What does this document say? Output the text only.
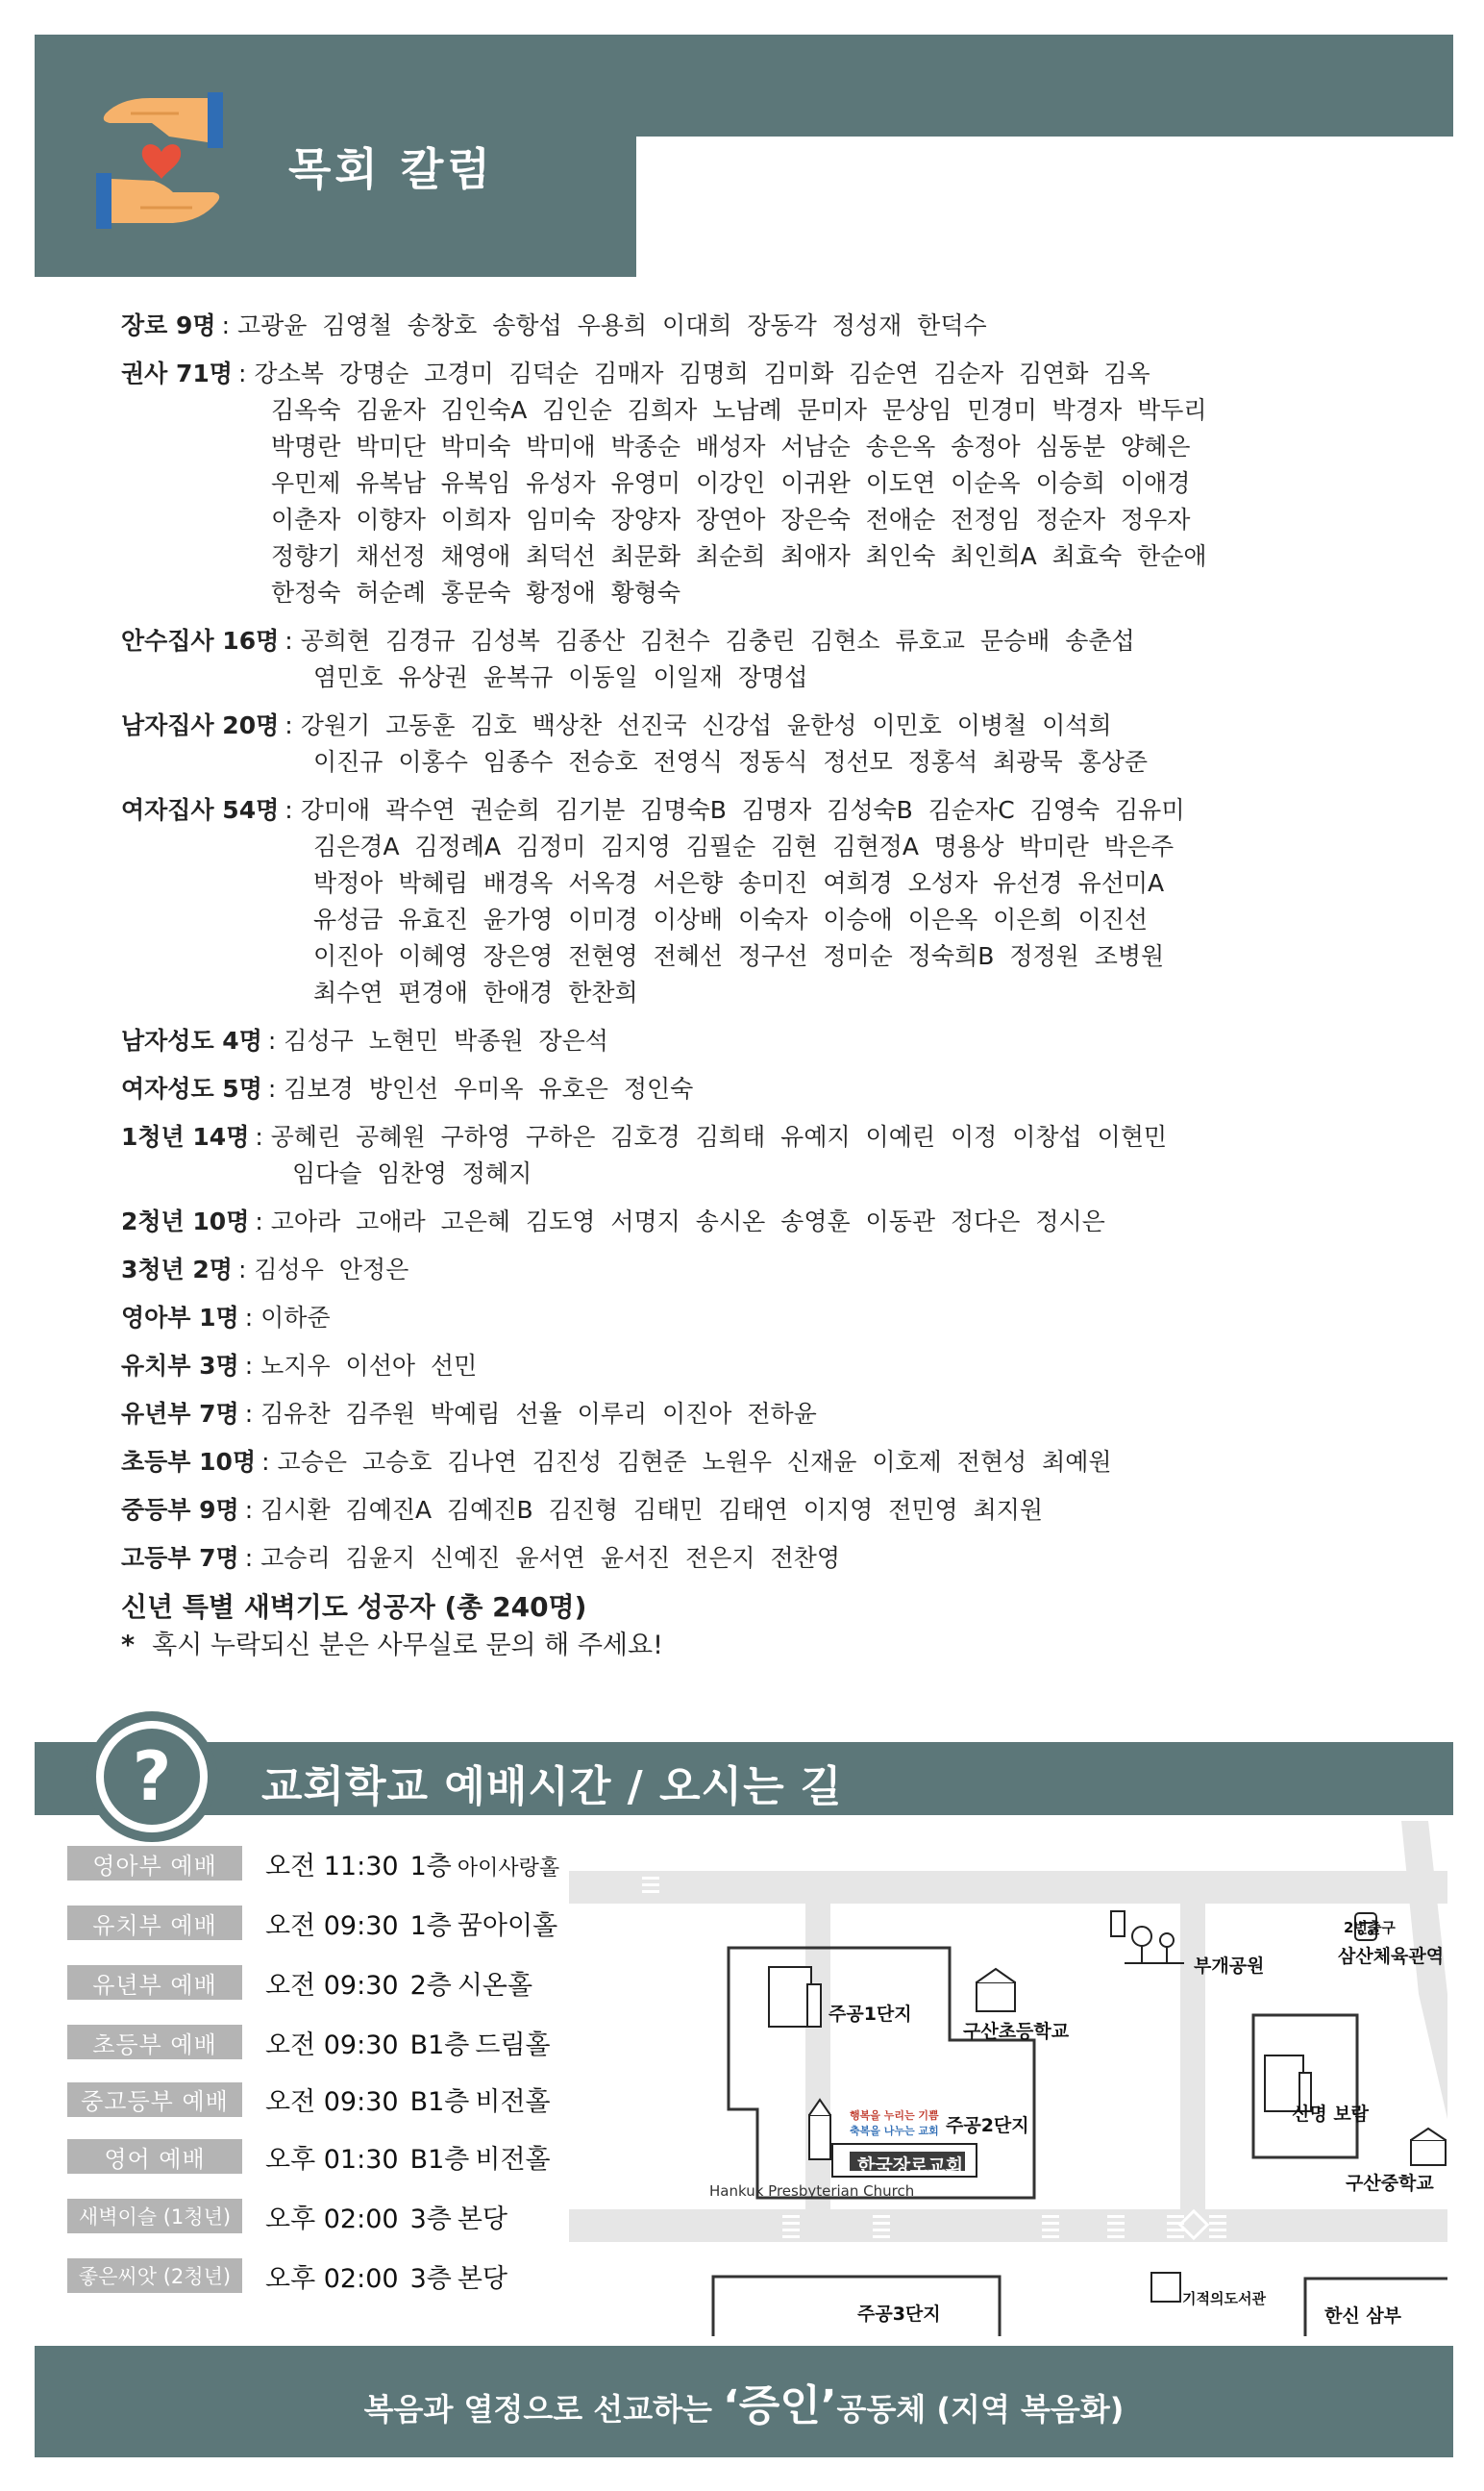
목회 칼럼
장로 9명 : 고광윤 김영철 송창호 송항섭 우용희 이대희 장동각 정성재 한덕수
권사 71명 : 강소복 강명순 고경미 김덕순 김매자 김명희 김미화 김순연 김순자 김연화 김옥
김옥숙 김윤자 김인숙A 김인순 김희자 노남례 문미자 문상임 민경미 박경자 박두리
박명란 박미단 박미숙 박미애 박종순 배성자 서남순 송은옥 송정아 심동분 양혜은
우민제 유복남 유복임 유성자 유영미 이강인 이귀완 이도연 이순옥 이승희 이애경
이춘자 이향자 이희자 임미숙 장양자 장연아 장은숙 전애순 전정임 정순자 정우자
정향기 채선정 채영애 최덕선 최문화 최순희 최애자 최인숙 최인희A 최효숙 한순애
한정숙 허순례 홍문숙 황정애 황형숙
안수집사 16명 : 공희현 김경규 김성복 김종산 김천수 김충린 김현소 류호교 문승배 송춘섭
염민호 유상권 윤복규 이동일 이일재 장명섭
남자집사 20명 : 강원기 고동훈 김호 백상찬 선진국 신강섭 윤한성 이민호 이병철 이석희
이진규 이홍수 임종수 전승호 전영식 정동식 정선모 정홍석 최광묵 홍상준
여자집사 54명 : 강미애 곽수연 권순희 김기분 김명숙B 김명자 김성숙B 김순자C 김영숙 김유미
김은경A 김정례A 김정미 김지영 김필순 김현 김현정A 명용상 박미란 박은주
박정아 박혜림 배경옥 서옥경 서은향 송미진 여희경 오성자 유선경 유선미A
유성금 유효진 윤가영 이미경 이상배 이숙자 이승애 이은옥 이은희 이진선
이진아 이혜영 장은영 전현영 전혜선 정구선 정미순 정숙희B 정정원 조병원
최수연 편경애 한애경 한찬희
남자성도 4명 : 김성구 노현민 박종원 장은석
여자성도 5명 : 김보경 방인선 우미옥 유호은 정인숙
1청년 14명 : 공혜린 공혜원 구하영 구하은 김호경 김희태 유예지 이예린 이정 이창섭 이현민
임다슬 임찬영 정혜지
2청년 10명 : 고아라 고애라 고은혜 김도영 서명지 송시온 송영훈 이동관 정다은 정시은
3청년 2명 : 김성우 안정은
영아부 1명 : 이하준
유치부 3명 : 노지우 이선아 선민
유년부 7명 : 김유찬 김주원 박예림 선율 이루리 이진아 전하윤
초등부 10명 : 고승은 고승호 김나연 김진성 김현준 노원우 신재윤 이호제 전현성 최예원
중등부 9명 : 김시환 김예진A 김예진B 김진형 김태민 김태연 이지영 전민영 최지원
고등부 7명 : 고승리 김윤지 신예진 윤서연 윤서진 전은지 전찬영
신년 특별 새벽기도 성공자 (총 240명)
* 혹시 누락되신 분은 사무실로 문의 해 주세요!
?	교회학교 예배시간 / 오시는 길
영아부 예배	오전 11:30 1층 아이사랑홀
유치부 예배	오전 09:30 1층 꿈아이홀
유년부 예배	오전 09:30 2층 시온홀
초등부 예배	오전 09:30 B1층 드림홀
중고등부 예배	오전 09:30 B1층 비전홀
영어 예배	오후 01:30 B1층 비전홀
새벽이슬 (1청년)	오후 02:00 3층 본당
좋은씨앗 (2청년)	오후 02:00 3층 본당
2번출구
삼산체육관역
부개공원
구산초등학교
주공1단지
주공2단지
신명 보람
행복을 누리는 기쁨
축복을 나누는 교회
한국장로교회
Hankuk Presbyterian Church	구산중학교
주공3단지
기적의도서관
한신 삼부
복음과 열정으로 선교하는 ‘증인’공동체 (지역 복음화)
